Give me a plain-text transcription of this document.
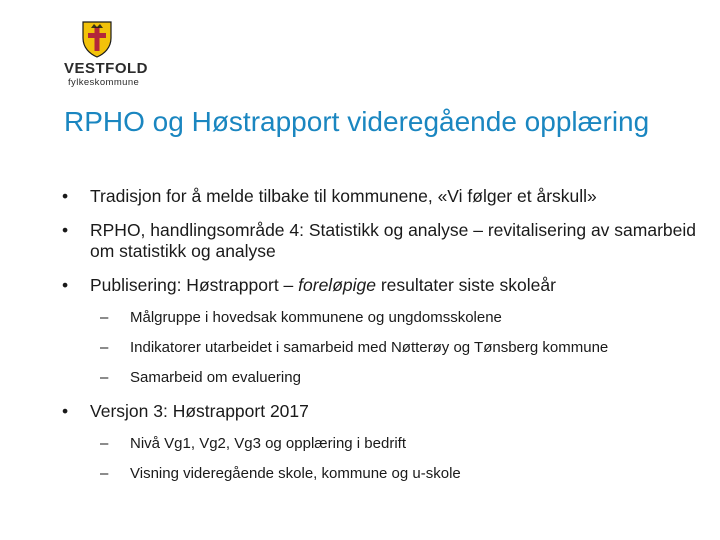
VESTFOLD
fylkeskommune
RPHO og Høstrapport videregående opplæring
• Tradisjon for å melde tilbake til kommunene, «Vi følger et årskull»
• RPHO, handlingsområde 4: Statistikk og analyse – revitalisering av samarbeid om statistikk og analyse
• Publisering: Høstrapport – foreløpige resultater siste skoleår
– Målgruppe i hovedsak kommunene og ungdomsskolene
– Indikatorer utarbeidet i samarbeid med Nøtterøy og Tønsberg kommune
– Samarbeid om evaluering
• Versjon 3: Høstrapport 2017
– Nivå Vg1, Vg2, Vg3 og opplæring i bedrift
– Visning videregående skole, kommune og u-skole
